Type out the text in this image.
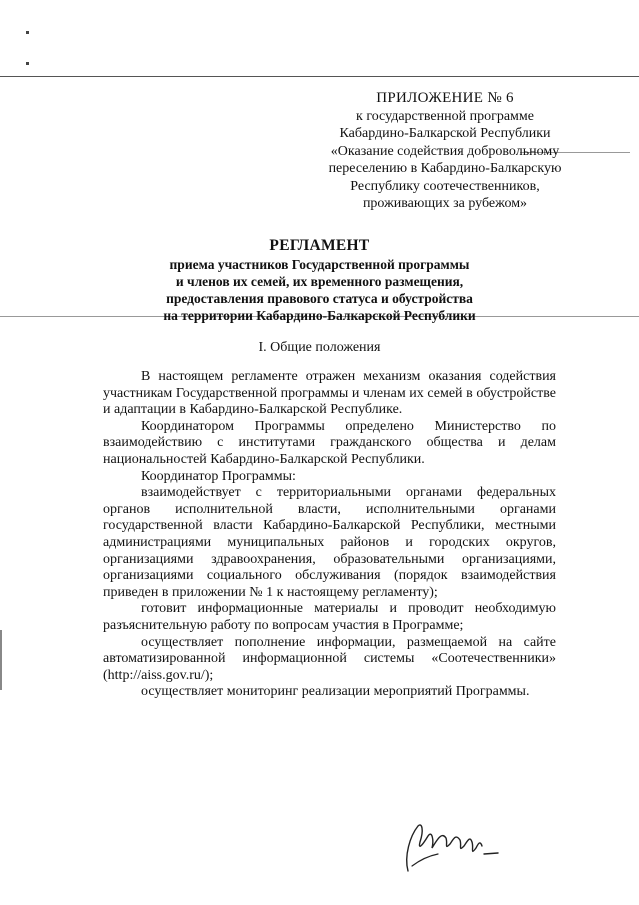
ПРИЛОЖЕНИЕ № 6
к государственной программе
Кабардино-Балкарской Республики
«Оказание содействия добровольному
переселению в Кабардино-Балкарскую
Республику соотечественников,
проживающих за рубежом»
РЕГЛАМЕНТ
приема участников Государственной программы
и членов их семей, их временного размещения,
предоставления правового статуса и обустройства
на территории Кабардино-Балкарской Республики
I. Общие положения

В настоящем регламенте отражен механизм оказания содействия участникам Государственной программы и членам их семей в обустройстве и адаптации в Кабардино-Балкарской Республике.

Координатором Программы определено Министерство по взаимодействию с институтами гражданского общества и делам национальностей Кабардино-Балкарской Республики.

Координатор Программы:

взаимодействует с территориальными органами федеральных органов исполнительной власти, исполнительными органами государственной власти Кабардино-Балкарской Республики, местными администрациями муниципальных районов и городских округов, организациями здравоохранения, образовательными организациями, организациями социального обслуживания (порядок взаимодействия приведен в приложении № 1 к настоящему регламенту);

готовит информационные материалы и проводит необходимую разъяснительную работу по вопросам участия в Программе;

осуществляет пополнение информации, размещаемой на сайте автоматизированной информационной системы «Соотечественники» (http://aiss.gov.ru/);

осуществляет мониторинг реализации мероприятий Программы.
